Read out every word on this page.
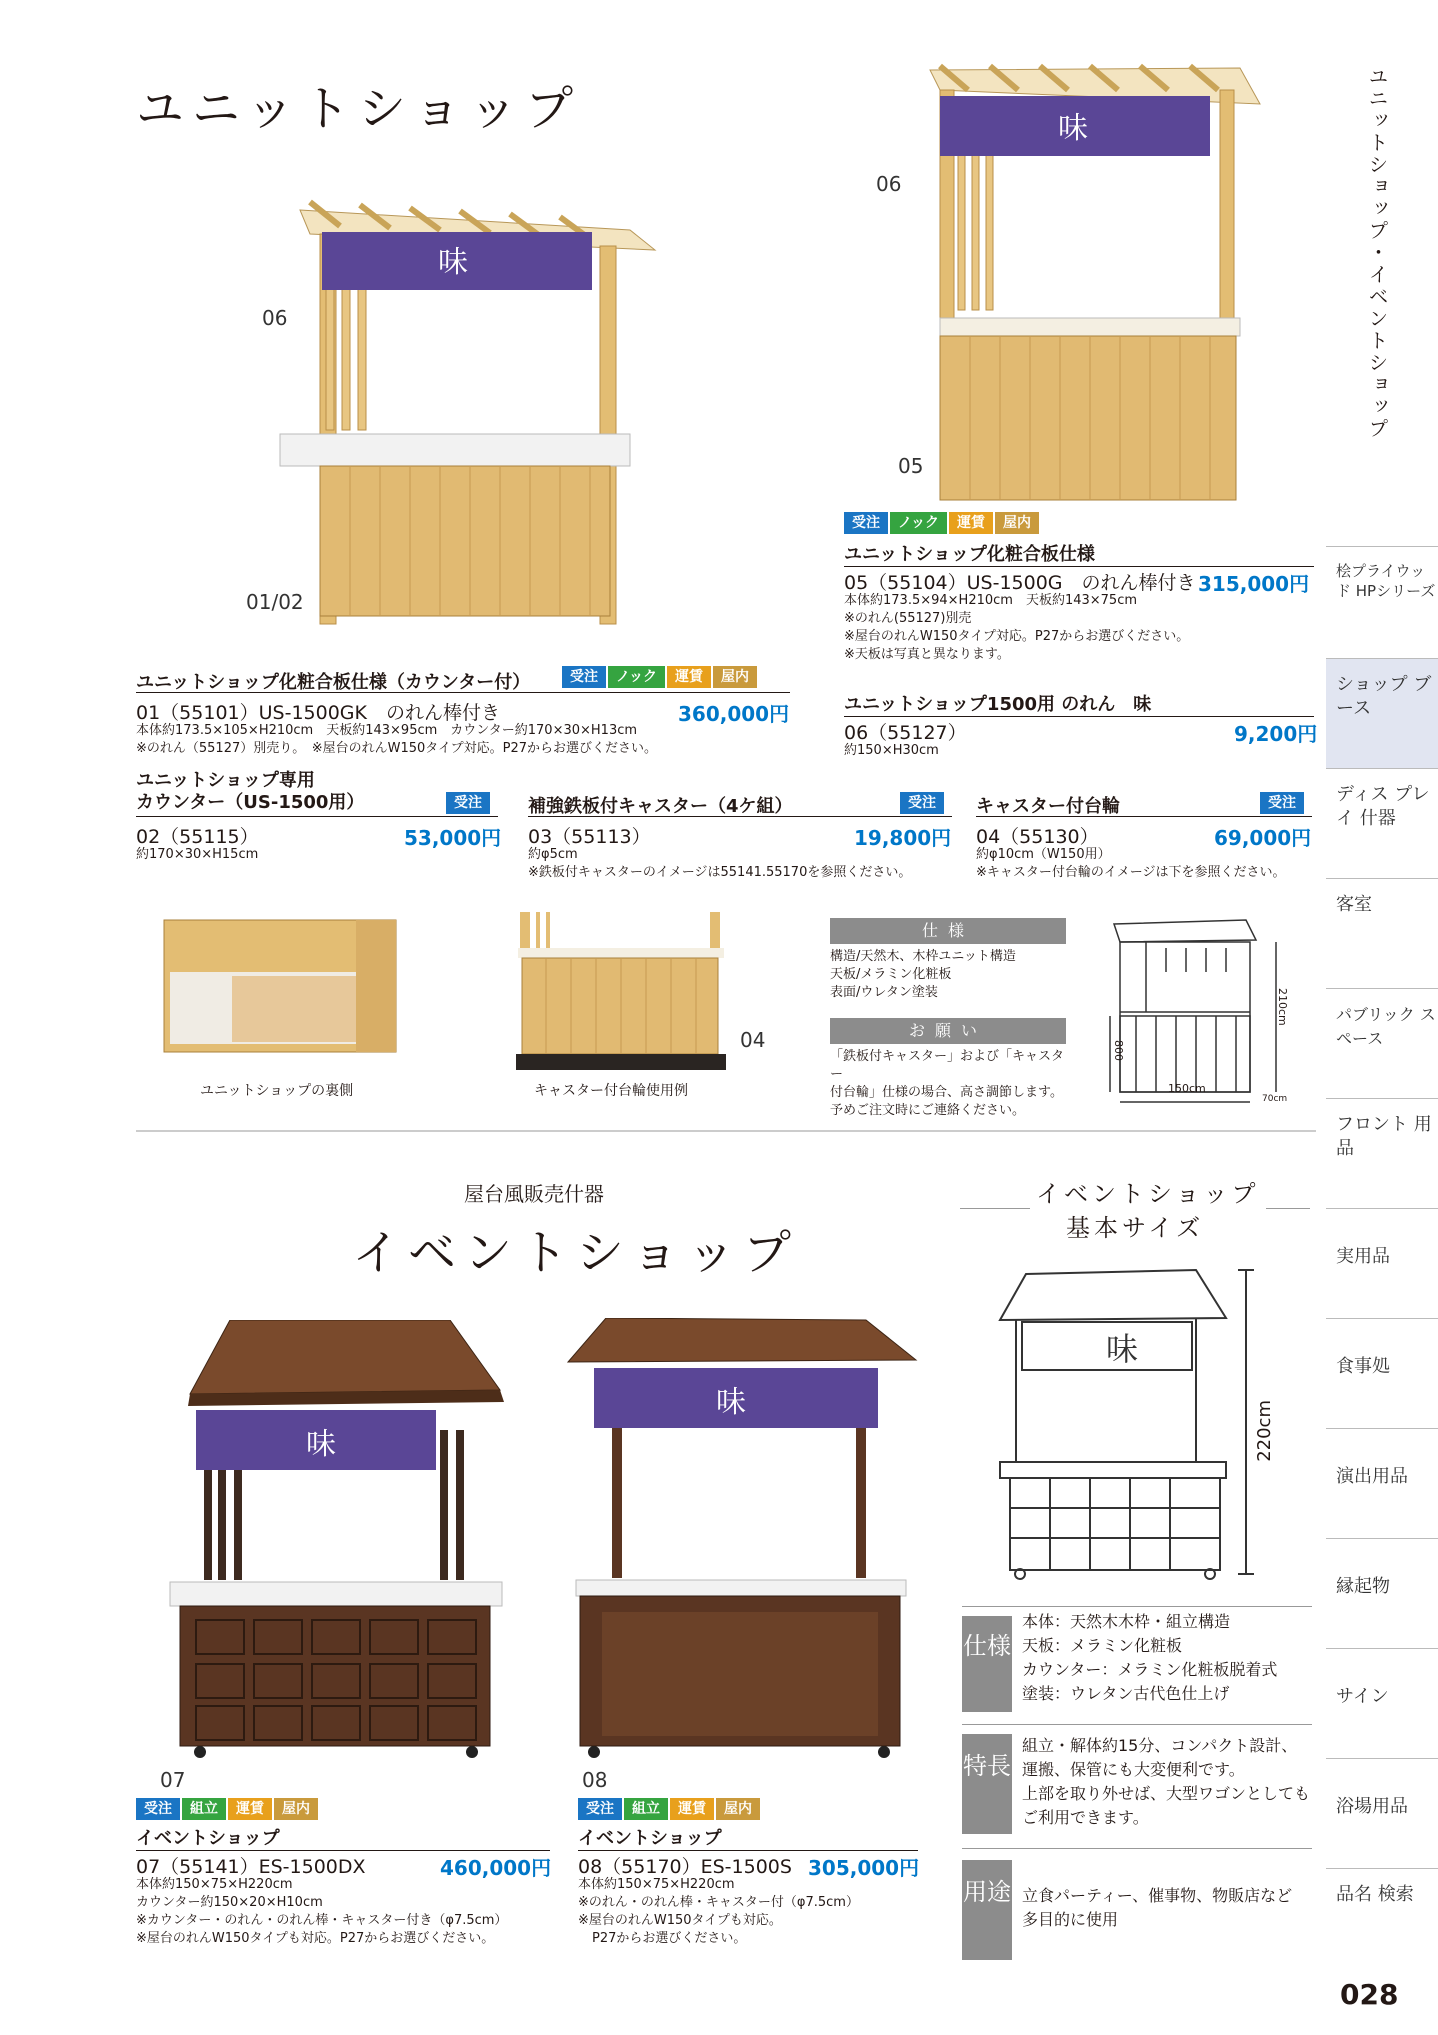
ユニットショップ	ユニットショップ・イベントショップ
桧プライウッド HPシリーズ
ショップ ブース
ディス プレイ 什器
客室
パブリック スペース
フロント 用品
実用品
食事処
演出用品
縁起物
サイン
浴場用品
品名 検索
028
味
06
01/02
味
06
05
受注	ノック	運賃	屋内
ユニットショップ化粧合板仕様
05（55104）US-1500G　のれん棒付き 315,000円
本体約173.5×94×H210cm　天板約143×75cm
※のれん(55127)別売
※屋台のれんW150タイプ対応。P27からお選びください。
※天板は写真と異なります。
ユニットショップ1500用 のれん　味
06（55127）	9,200円
約150×H30cm
ユニットショップ化粧合板仕様（カウンター付）	受注	ノック	運賃	屋内
01（55101）US-1500GK　のれん棒付き	360,000円
本体約173.5×105×H210cm　天板約143×95cm　カウンター約170×30×H13cm
※のれん（55127）別売り。　※屋台のれんW150タイプ対応。P27からお選びください。
ユニットショップ専用
カウンター（US-1500用）	受注
02（55115）	53,000円
約170×30×H15cm
補強鉄板付キャスター（4ケ組）	受注
03（55113）	19,800円
約φ5cm
※鉄板付キャスターのイメージは55141.55170を参照ください。
キャスター付台輪	受注
04（55130）	69,000円
約φ10cm（W150用）
※キャスター付台輪のイメージは下を参照ください。
ユニットショップの裏側
04
キャスター付台輪使用例
仕様
構造/天然木、木枠ユニット構造
天板/メラミン化粧板
表面/ウレタン塗装
お願い
「鉄板付キャスター」および「キャスター
付台輪」仕様の場合、高さ調節します。
予めご注文時にご連絡ください。
210cm
800
150cm
70cm
屋台風販売什器
イベントショップ
イベントショップ
基本サイズ
味
220cm
味
07
味
08
受注	組立	運賃	屋内
イベントショップ
07（55141）ES-1500DX	460,000円
本体約150×75×H220cm
カウンター約150×20×H10cm
※カウンター・のれん・のれん棒・キャスター付き（φ7.5cm）
※屋台のれんW150タイプも対応。P27からお選びください。
受注	組立	運賃	屋内
イベントショップ
08（55170）ES-1500S 305,000円
本体約150×75×H220cm
※のれん・のれん棒・キャスター付（φ7.5cm）
※屋台のれんW150タイプも対応。
P27からお選びください。
仕様
本体：天然木木枠・組立構造
天板：メラミン化粧板
カウンター：メラミン化粧板脱着式
塗装：ウレタン古代色仕上げ
特長
組立・解体約15分、コンパクト設計、
運搬、保管にも大変便利です。
上部を取り外せば、大型ワゴンとしても
ご利用できます。
用途 立食パーティー、催事物、物販店など
多目的に使用
